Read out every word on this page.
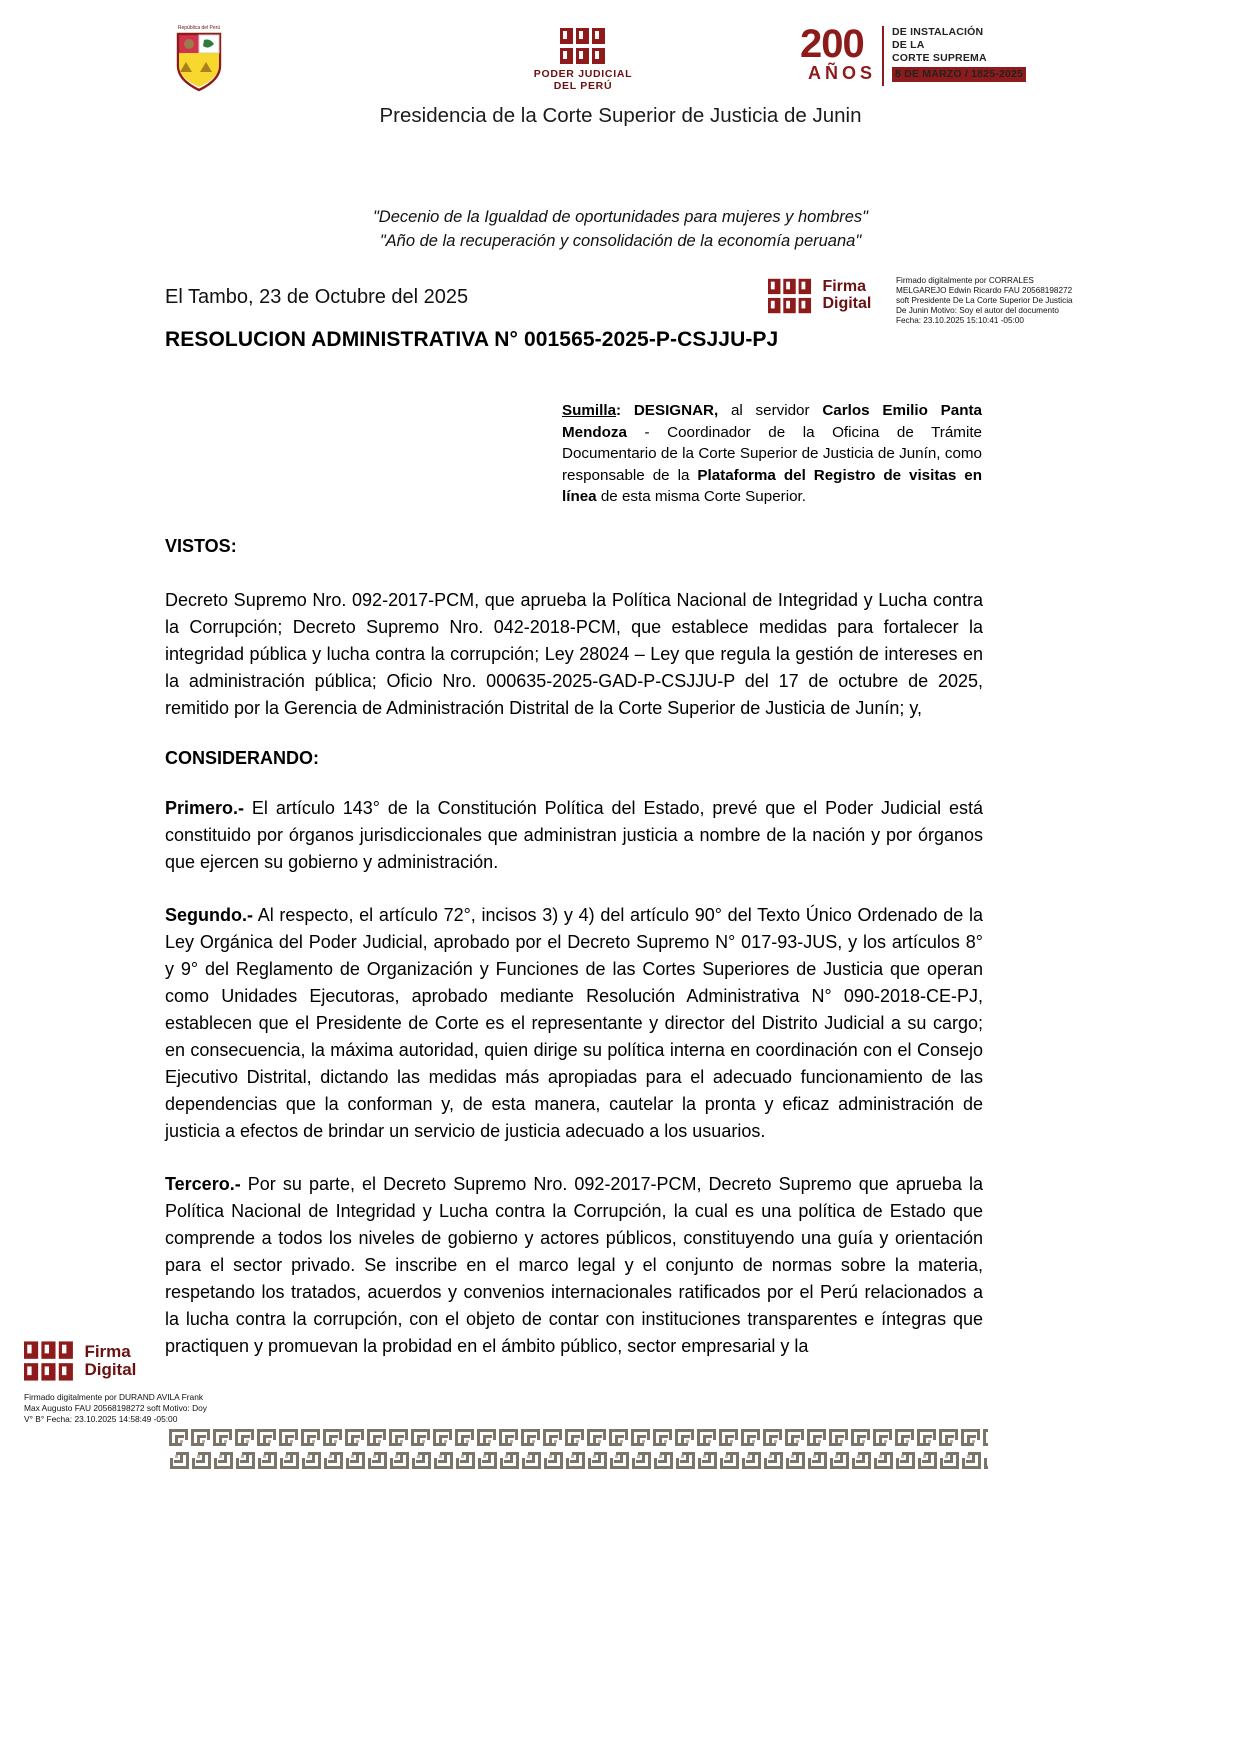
República del Perú
PODER JUDICIAL
DEL PERÚ
200
AÑOS
DE INSTALACIÓN
DE LA
CORTE SUPREMA
8 DE MARZO / 1825-2025
Presidencia de la Corte Superior de Justicia de Junin
"Decenio de la Igualdad de oportunidades para mujeres y hombres"
"Año de la recuperación y consolidación de la economía peruana"
El Tambo, 23 de Octubre del 2025
RESOLUCION ADMINISTRATIVA N° 001565-2025-P-CSJJU-PJ

Firma
Digital
Firmado digitalmente por CORRALES MELGAREJO Edwin Ricardo FAU 20568198272 soft Presidente De La Corte Superior De Justicia De Junin Motivo: Soy el autor del documento Fecha: 23.10.2025 15:10:41 -05:00
Sumilla: DESIGNAR, al servidor Carlos Emilio Panta Mendoza - Coordinador de la Oficina de Trámite Documentario de la Corte Superior de Justicia de Junín, como responsable de la Plataforma del Registro de visitas en línea de esta misma Corte Superior.
VISTOS:

Decreto Supremo Nro. 092-2017-PCM, que aprueba la Política Nacional de Integridad y Lucha contra la Corrupción; Decreto Supremo Nro. 042-2018-PCM, que establece medidas para fortalecer la integridad pública y lucha contra la corrupción; Ley 28024 – Ley que regula la gestión de intereses en la administración pública; Oficio Nro. 000635-2025-GAD-P-CSJJU-P del 17 de octubre de 2025, remitido por la Gerencia de Administración Distrital de la Corte Superior de Justicia de Junín; y,

CONSIDERANDO:

Primero.- El artículo 143° de la Constitución Política del Estado, prevé que el Poder Judicial está constituido por órganos jurisdiccionales que administran justicia a nombre de la nación y por órganos que ejercen su gobierno y administración.

Segundo.- Al respecto, el artículo 72°, incisos 3) y 4) del artículo 90° del Texto Único Ordenado de la Ley Orgánica del Poder Judicial, aprobado por el Decreto Supremo N° 017-93-JUS, y los artículos 8° y 9° del Reglamento de Organización y Funciones de las Cortes Superiores de Justicia que operan como Unidades Ejecutoras, aprobado mediante Resolución Administrativa N° 090-2018-CE-PJ, establecen que el Presidente de Corte es el representante y director del Distrito Judicial a su cargo; en consecuencia, la máxima autoridad, quien dirige su política interna en coordinación con el Consejo Ejecutivo Distrital, dictando las medidas más apropiadas para el adecuado funcionamiento de las dependencias que la conforman y, de esta manera, cautelar la pronta y eficaz administración de justicia a efectos de brindar un servicio de justicia adecuado a los usuarios.

Tercero.- Por su parte, el Decreto Supremo Nro. 092-2017-PCM, Decreto Supremo que aprueba la Política Nacional de Integridad y Lucha contra la Corrupción, la cual es una política de Estado que comprende a todos los niveles de gobierno y actores públicos, constituyendo una guía y orientación para el sector privado. Se inscribe en el marco legal y el conjunto de normas sobre la materia, respetando los tratados, acuerdos y convenios internacionales ratificados por el Perú relacionados a la lucha contra la corrupción, con el objeto de contar con instituciones transparentes e íntegras que practiquen y promuevan la probidad en el ámbito público, sector empresarial y la

Firma
Digital
Firmado digitalmente por DURAND AVILA Frank Max Augusto FAU 20568198272 soft Motivo: Doy V° B° Fecha: 23.10.2025 14:58:49 -05:00
